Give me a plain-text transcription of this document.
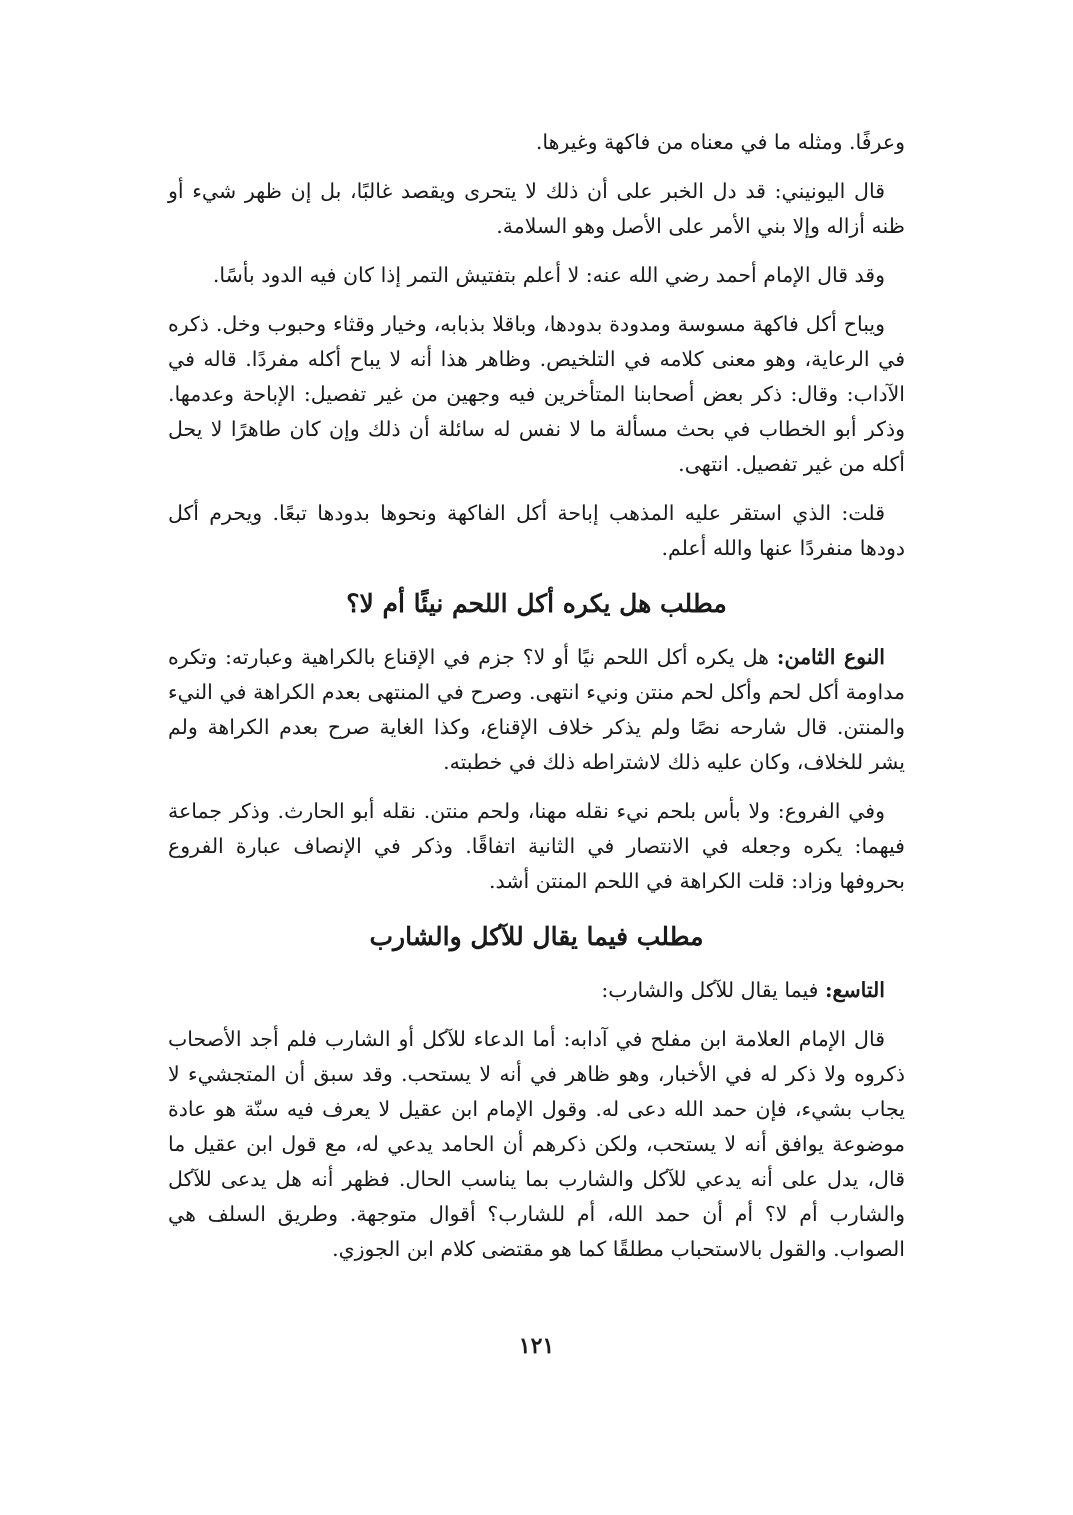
وعرفًا. ومثله ما في معناه من فاكهة وغيرها.

قال اليونيني: قد دل الخبر على أن ذلك لا يتحرى ويقصد غالبًا، بل إن ظهر شيء أو ظنه أزاله وإلا بني الأمر على الأصل وهو السلامة.

وقد قال الإمام أحمد رضي الله عنه: لا أعلم بتفتيش التمر إذا كان فيه الدود بأسًا.

ويباح أكل فاكهة مسوسة ومدودة بدودها، وباقلا بذبابه، وخيار وقثاء وحبوب وخل. ذكره في الرعاية، وهو معنى كلامه في التلخيص. وظاهر هذا أنه لا يباح أكله مفردًا. قاله في الآداب: وقال: ذكر بعض أصحابنا المتأخرين فيه وجهين من غير تفصيل: الإباحة وعدمها. وذكر أبو الخطاب في بحث مسألة ما لا نفس له سائلة أن ذلك وإن كان طاهرًا لا يحل أكله من غير تفصيل. انتهى.

قلت: الذي استقر عليه المذهب إباحة أكل الفاكهة ونحوها بدودها تبعًا. ويحرم أكل دودها منفردًا عنها والله أعلم.

مطلب هل يكره أكل اللحم نيئًا أم لا؟

النوع الثامن: هل يكره أكل اللحم نيًا أو لا؟ جزم في الإقناع بالكراهية وعبارته: وتكره مداومة أكل لحم وأكل لحم منتن ونيء انتهى. وصرح في المنتهى بعدم الكراهة في النيء والمنتن. قال شارحه نصًا ولم يذكر خلاف الإقناع، وكذا الغاية صرح بعدم الكراهة ولم يشر للخلاف، وكان عليه ذلك لاشتراطه ذلك في خطبته.

وفي الفروع: ولا بأس بلحم نيء نقله مهنا، ولحم منتن. نقله أبو الحارث. وذكر جماعة فيهما: يكره وجعله في الانتصار في الثانية اتفاقًا. وذكر في الإنصاف عبارة الفروع بحروفها وزاد: قلت الكراهة في اللحم المنتن أشد.

مطلب فيما يقال للآكل والشارب

التاسع: فيما يقال للآكل والشارب:

قال الإمام العلامة ابن مفلح في آدابه: أما الدعاء للآكل أو الشارب فلم أجد الأصحاب ذكروه ولا ذكر له في الأخبار، وهو ظاهر في أنه لا يستحب. وقد سبق أن المتجشيء لا يجاب بشيء، فإن حمد الله دعى له. وقول الإمام ابن عقيل لا يعرف فيه سنّة هو عادة موضوعة يوافق أنه لا يستحب، ولكن ذكرهم أن الحامد يدعي له، مع قول ابن عقيل ما قال، يدل على أنه يدعي للآكل والشارب بما يناسب الحال. فظهر أنه هل يدعى للآكل والشارب أم لا؟ أم أن حمد الله، أم للشارب؟ أقوال متوجهة. وطريق السلف هي الصواب. والقول بالاستحباب مطلقًا كما هو مقتضى كلام ابن الجوزي.

١٢١
